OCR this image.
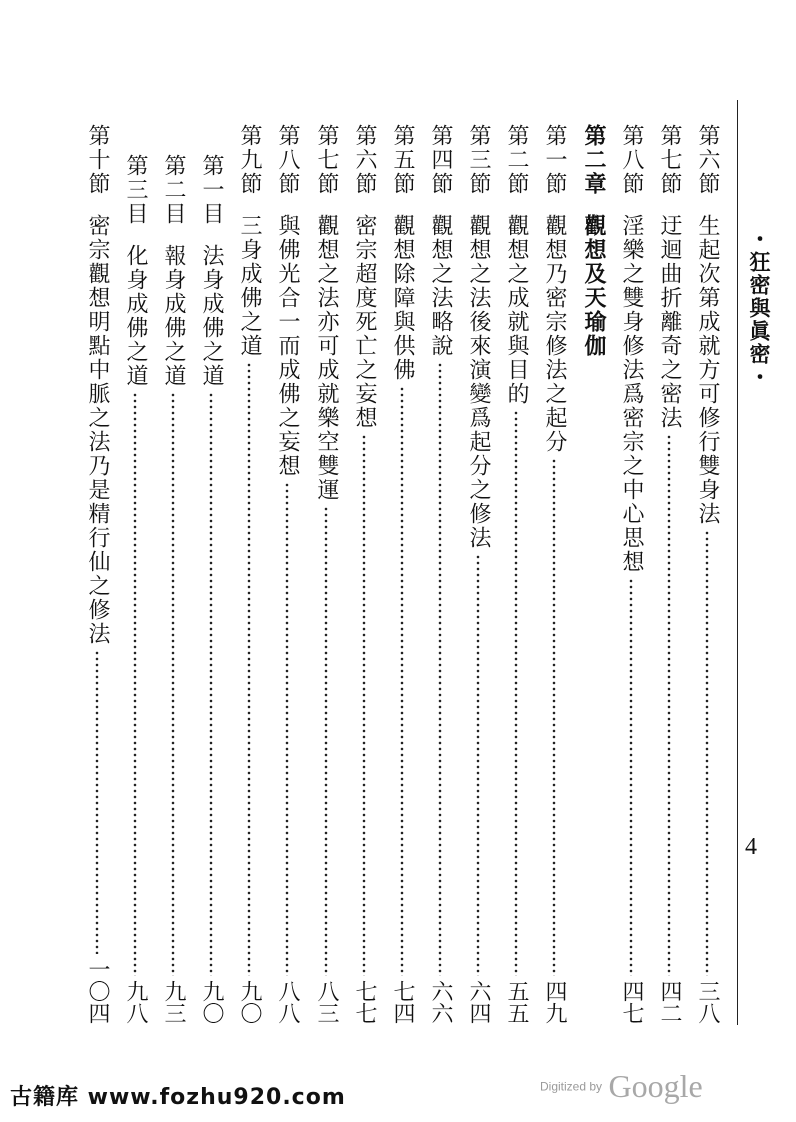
・狂密與眞密・
4
第六節
生起次第成就方可修行雙身法
三八
第七節
迂迴曲折離奇之密法
四二
第八節
淫樂之雙身修法爲密宗之中心思想
四七
第二章
觀想及天瑜伽
第一節
觀想乃密宗修法之起分
四九
第二節
觀想之成就與目的
五五
第三節
觀想之法後來演變爲起分之修法
六四
第四節
觀想之法略說
六六
第五節
觀想除障與供佛
七四
第六節
密宗超度死亡之妄想
七七
第七節
觀想之法亦可成就樂空雙運
八三
第八節
與佛光合一而成佛之妄想
八八
第九節
三身成佛之道
九〇
第一目
法身成佛之道
九〇
第二目
報身成佛之道
九三
第三目
化身成佛之道
九八
第十節
密宗觀想明點中脈之法乃是精行仙之修法
一〇四
古籍库 www.fozhu920.com	Digitized by Google
